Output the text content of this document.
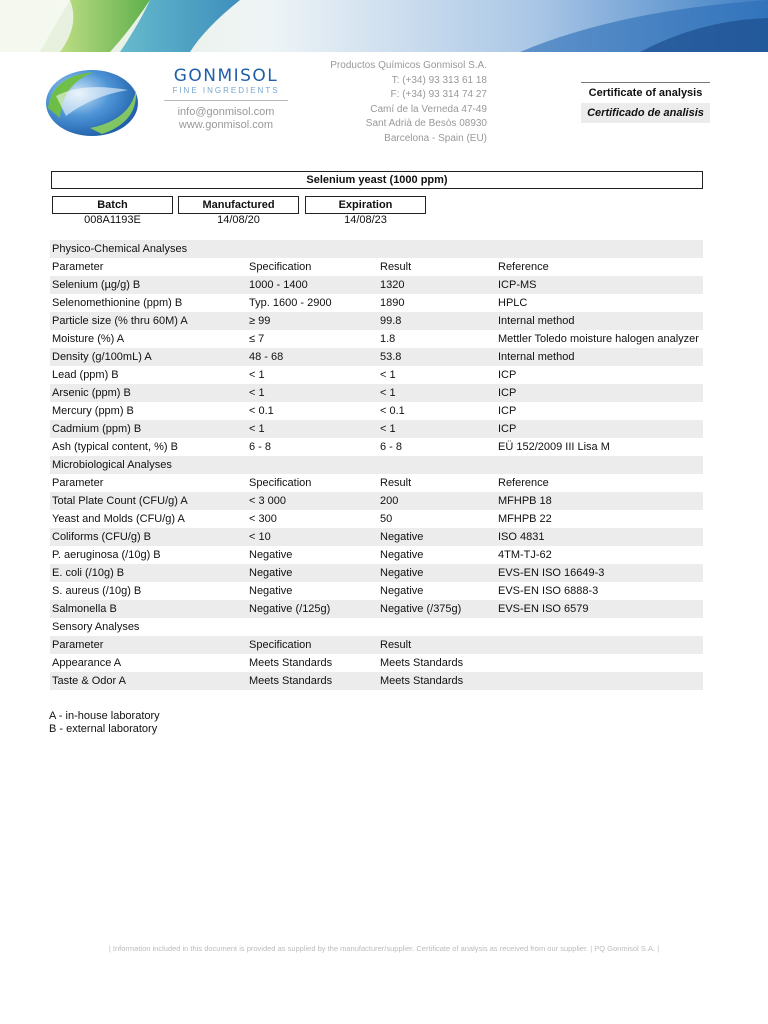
GONMISOL
FINE INGREDIENTS
info@gonmisol.com
www.gonmisol.com
Productos Químicos Gonmisol S.A.
T: (+34) 93 313 61 18
F: (+34) 93 314 74 27
Camí de la Verneda 47-49
Sant Adrià de Besòs 08930
Barcelona - Spain (EU)
Certificate of analysis
Certificado de analisis
Selenium yeast (1000 ppm)
Batch	Manufactured	Expiration
008A1193E	14/08/20	14/08/23
Physico-Chemical Analyses			
Parameter	Specification	Result	Reference
Selenium (µg/g) B	1000 - 1400	1320	ICP-MS
Selenomethionine (ppm) B	Typ. 1600 - 2900	1890	HPLC
Particle size (% thru 60M) A	≥ 99	99.8	Internal method
Moisture (%) A	≤ 7	1.8	Mettler Toledo moisture halogen analyzer
Density (g/100mL) A	48 - 68	53.8	Internal method
Lead (ppm) B	< 1	< 1	ICP
Arsenic (ppm) B	< 1	< 1	ICP
Mercury (ppm) B	< 0.1	< 0.1	ICP
Cadmium (ppm) B	< 1	< 1	ICP
Ash (typical content, %) B	6 - 8	6 - 8	EÜ 152/2009 III Lisa M
Microbiological Analyses			
Parameter	Specification	Result	Reference
Total Plate Count (CFU/g) A	< 3 000	200	MFHPB 18
Yeast and Molds (CFU/g) A	< 300	50	MFHPB 22
Coliforms (CFU/g) B	< 10	Negative	ISO 4831
P. aeruginosa (/10g) B	Negative	Negative	4TM-TJ-62
E. coli (/10g) B	Negative	Negative	EVS-EN ISO 16649-3
S. aureus (/10g) B	Negative	Negative	EVS-EN ISO 6888-3
Salmonella B	Negative (/125g)	Negative (/375g)	EVS-EN ISO 6579
Sensory Analyses			
Parameter	Specification	Result	
Appearance A	Meets Standards	Meets Standards	
Taste & Odor A	Meets Standards	Meets Standards	
A - in-house laboratory
B - external laboratory
| Information included in this document is provided as supplied by the manufacturer/supplier. Certificate of analysis as received from our supplier. | PQ Gonmisol S.A. |
